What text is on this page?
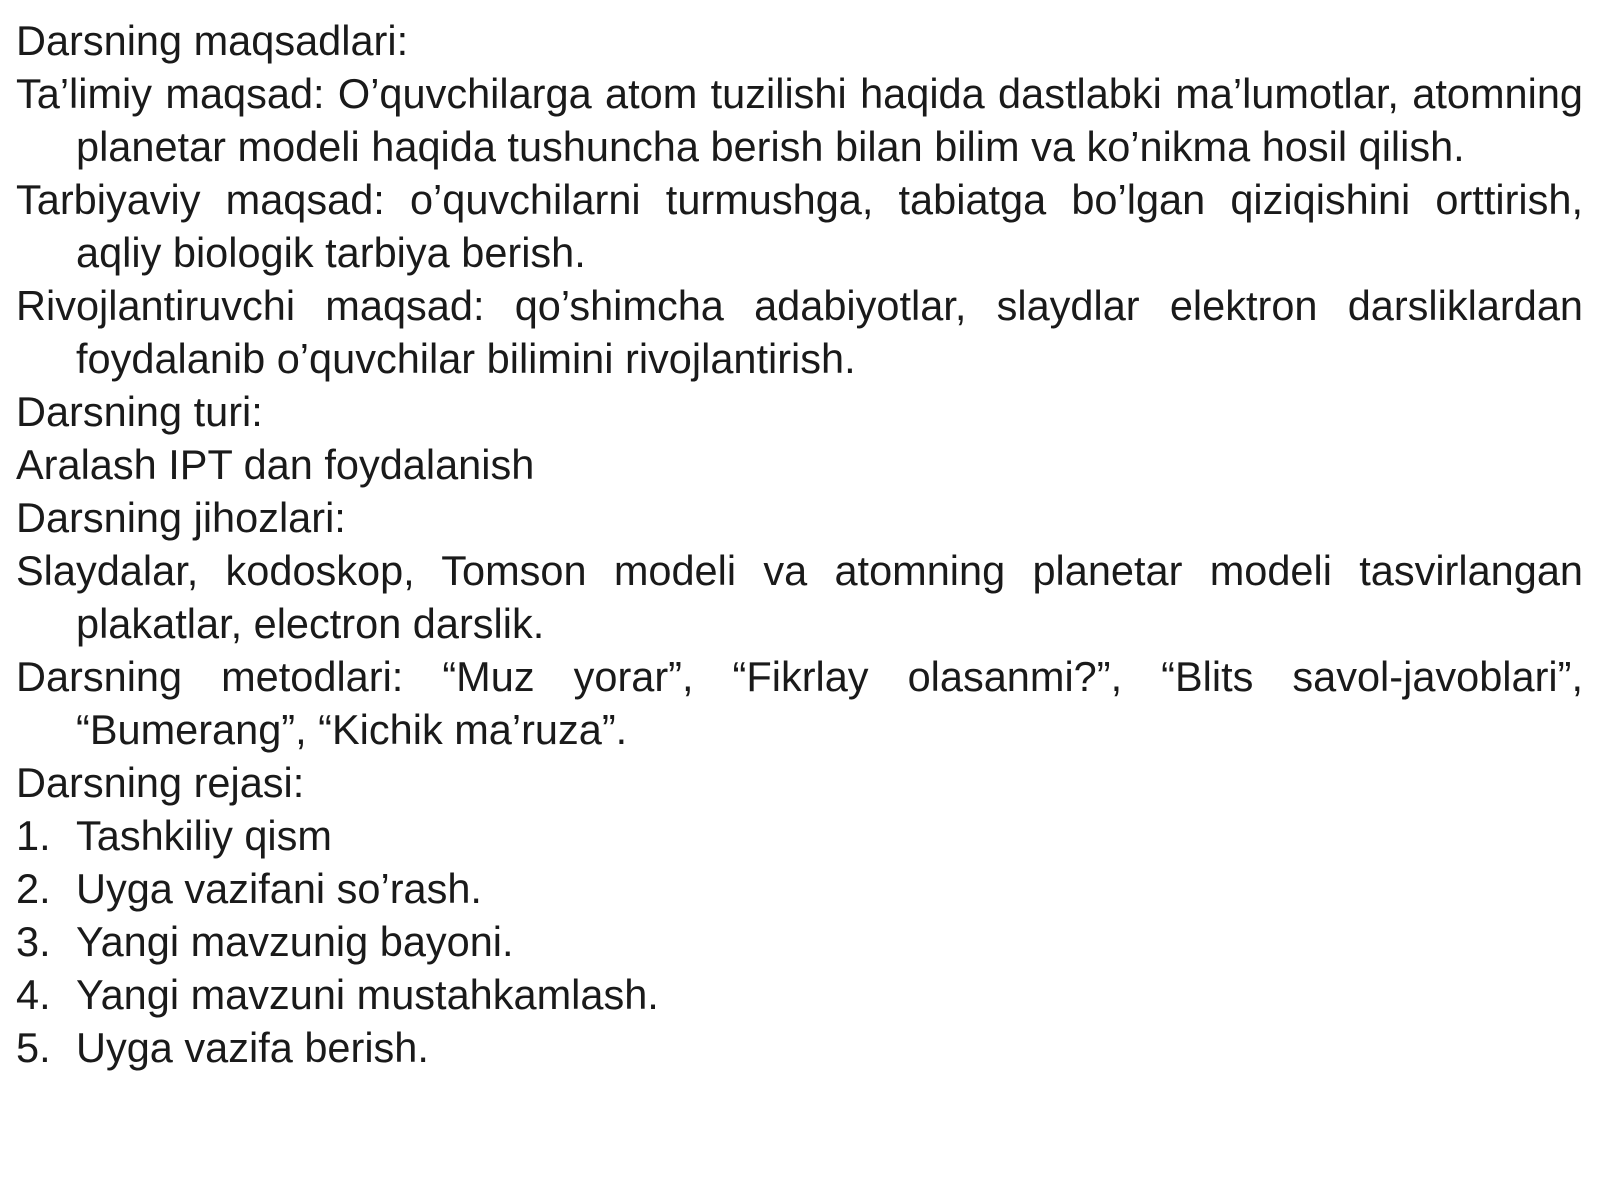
Darsning maqsadlari:

Ta’limiy maqsad: O’quvchilarga atom tuzilishi haqida dastlabki ma’lumotlar, atomning planetar modeli haqida tushuncha berish bilan bilim va ko’nikma hosil qilish.

Tarbiyaviy maqsad: o’quvchilarni turmushga, tabiatga bo’lgan qiziqishini orttirish, aqliy biologik tarbiya berish.

Rivojlantiruvchi maqsad: qo’shimcha adabiyotlar, slaydlar elektron darsliklardan foydalanib o’quvchilar bilimini rivojlantirish.

Darsning turi:

Aralash IPT dan foydalanish

Darsning jihozlari:

Slaydalar, kodoskop, Tomson modeli va atomning planetar modeli tasvirlangan plakatlar, electron darslik.

Darsning metodlari: “Muz yorar”, “Fikrlay olasanmi?”, “Blits savol-javoblari”, “Bumerang”, “Kichik ma’ruza”.

Darsning rejasi:

1. Tashkiliy qism
2. Uyga vazifani so’rash.
3. Yangi mavzunig bayoni.
4. Yangi mavzuni mustahkamlash.
5. Uyga vazifa berish.
